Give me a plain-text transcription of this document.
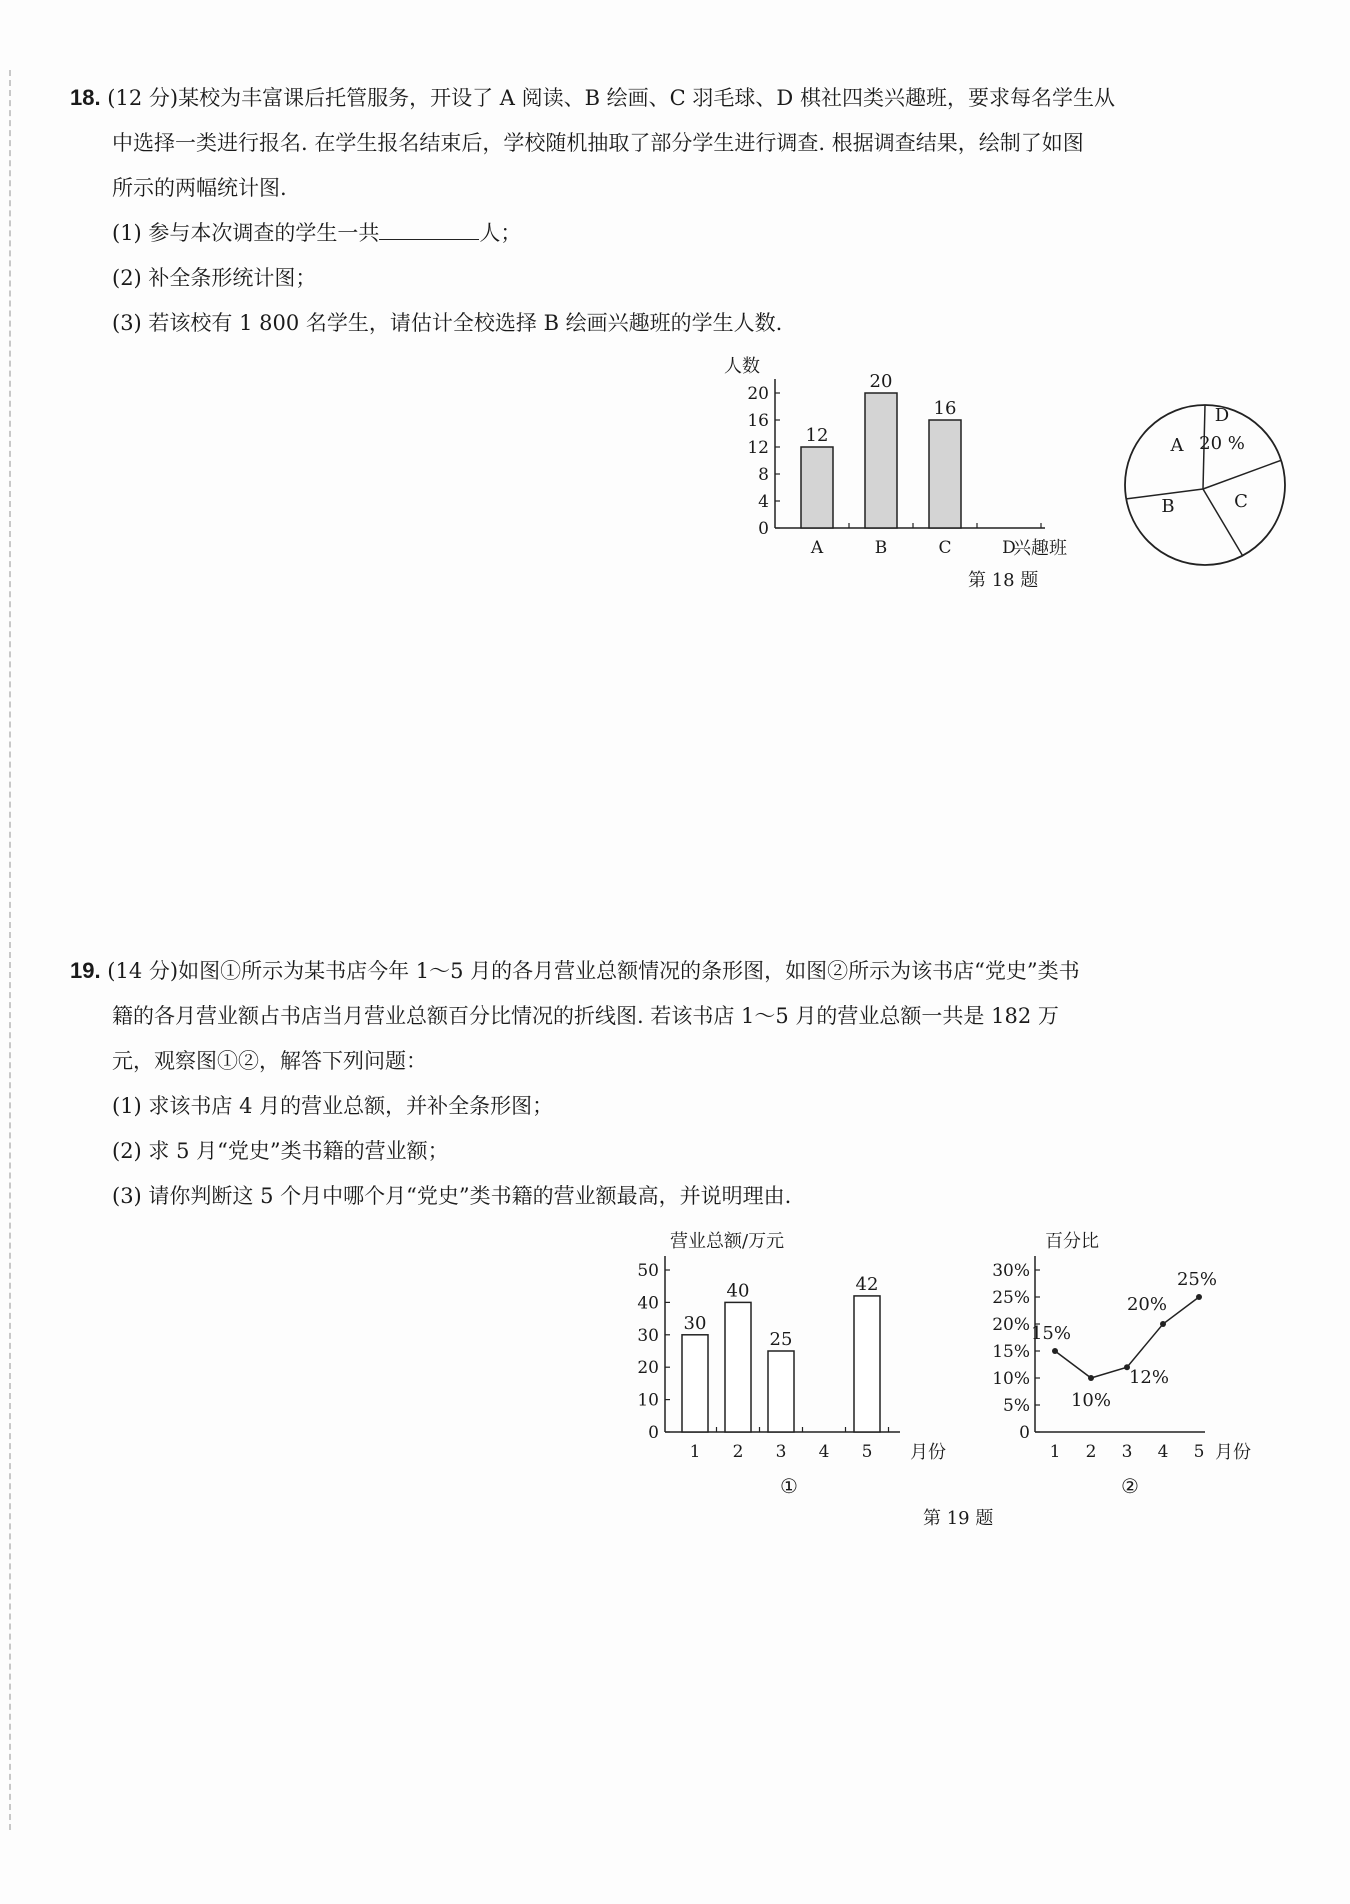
18. (12 分)某校为丰富课后托管服务，开设了 A 阅读、B 绘画、C 羽毛球、D 棋社四类兴趣班，要求每名学生从

中选择一类进行报名. 在学生报名结束后，学校随机抽取了部分学生进行调查. 根据调查结果，绘制了如图

所示的两幅统计图.

(1) 参与本次调查的学生一共	人；

(2) 补全条形统计图；

(3) 若该校有 1 800 名学生，请估计全校选择 B 绘画兴趣班的学生人数.

人数
兴趣班
0
4
8
12
16
20
A
12
B
20
C
16
D
A
B	C
D
20 %
第 18 题

19. (14 分)如图①所示为某书店今年 1～5 月的各月营业总额情况的条形图，如图②所示为该书店“党史”类书

籍的各月营业额占书店当月营业总额百分比情况的折线图. 若该书店 1～5 月的营业总额一共是 182 万

元，观察图①②，解答下列问题：

(1) 求该书店 4 月的营业总额，并补全条形图；

(2) 求 5 月“党史”类书籍的营业额；

(3) 请你判断这 5 个月中哪个月“党史”类书籍的营业额最高，并说明理由.

营业总额/万元
月份
0
10
20
30
40
50
1
30
2
40
3
25
4 5
42
百分比
月份
0
5%
10%
15%
20%
25%
30%
1 2 3 4 5
15%
10%
12%
20%
25%
①	②
第 19 题
